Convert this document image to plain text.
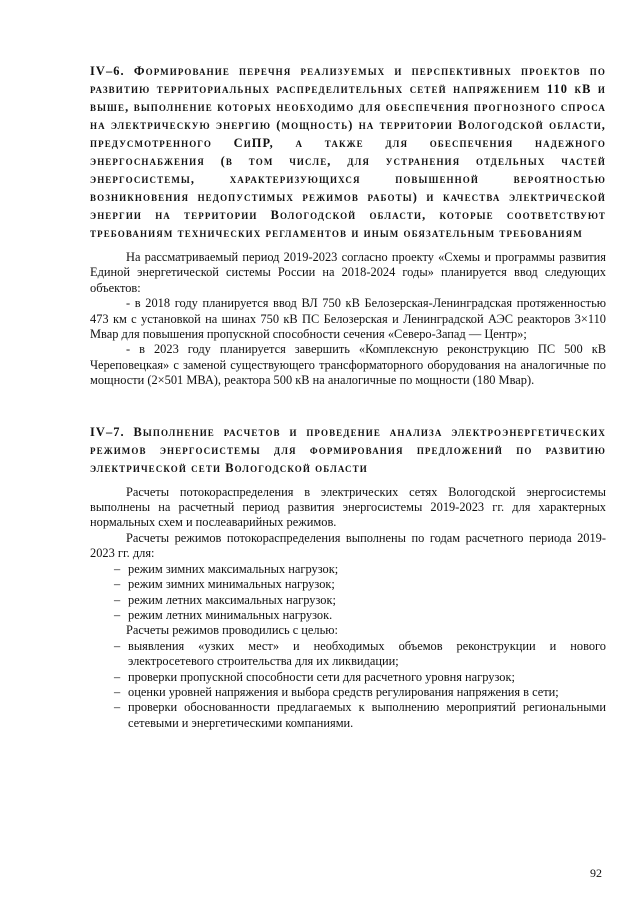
IV–6. Формирование перечня реализуемых и перспективных проектов по развитию территориальных распределительных сетей напряжением 110 кВ и выше, выполнение которых необходимо для обеспечения прогнозного спроса на электрическую энергию (мощность) на территории Вологодской области, предусмотренного СиПР, а также для обеспечения надежного энергоснабжения (в том числе, для устранения отдельных частей энергосистемы, характеризующихся повышенной вероятностью возникновения недопустимых режимов работы) и качества электрической энергии на территории Вологодской области, которые соответствуют требованиям технических регламентов и иным обязательным требованиям

На рассматриваемый период 2019-2023 согласно проекту «Схемы и программы развития Единой энергетической системы России на 2018-2024 годы» планируется ввод следующих объектов:

- в 2018 году планируется ввод ВЛ 750 кВ Белозерская-Ленинградская протяженностью 473 км с установкой на шинах 750 кВ ПС Белозерская и Ленинградской АЭС реакторов 3×110 Мвар для повышения пропускной способности сечения «Северо-Запад — Центр»;

- в 2023 году планируется завершить «Комплексную реконструкцию ПС 500 кВ Череповецкая» с заменой существующего трансформаторного оборудования на аналогичные по мощности (2×501 МВА), реактора 500 кВ на аналогичные по мощности (180 Мвар).

IV–7. Выполнение расчетов и проведение анализа электроэнергетических режимов энергосистемы для формирования предложений по развитию электрической сети Вологодской области

Расчеты потокораспределения в электрических сетях Вологодской энергосистемы выполнены на расчетный период развития энергосистемы 2019-2023 гг. для характерных нормальных схем и послеаварийных режимов.

Расчеты режимов потокораспределения выполнены по годам расчетного периода 2019-2023 гг. для:

– режим зимних максимальных нагрузок;
– режим зимних минимальных нагрузок;
– режим летних максимальных нагрузок;
– режим летних минимальных нагрузок.

Расчеты режимов проводились с целью:

– выявления «узких мест» и необходимых объемов реконструкции и нового электросетевого строительства для их ликвидации;
– проверки пропускной способности сети для расчетного уровня нагрузок;
– оценки уровней напряжения и выбора средств регулирования напряжения в сети;
– проверки обоснованности предлагаемых к выполнению мероприятий региональными сетевыми и энергетическими компаниями.
92
